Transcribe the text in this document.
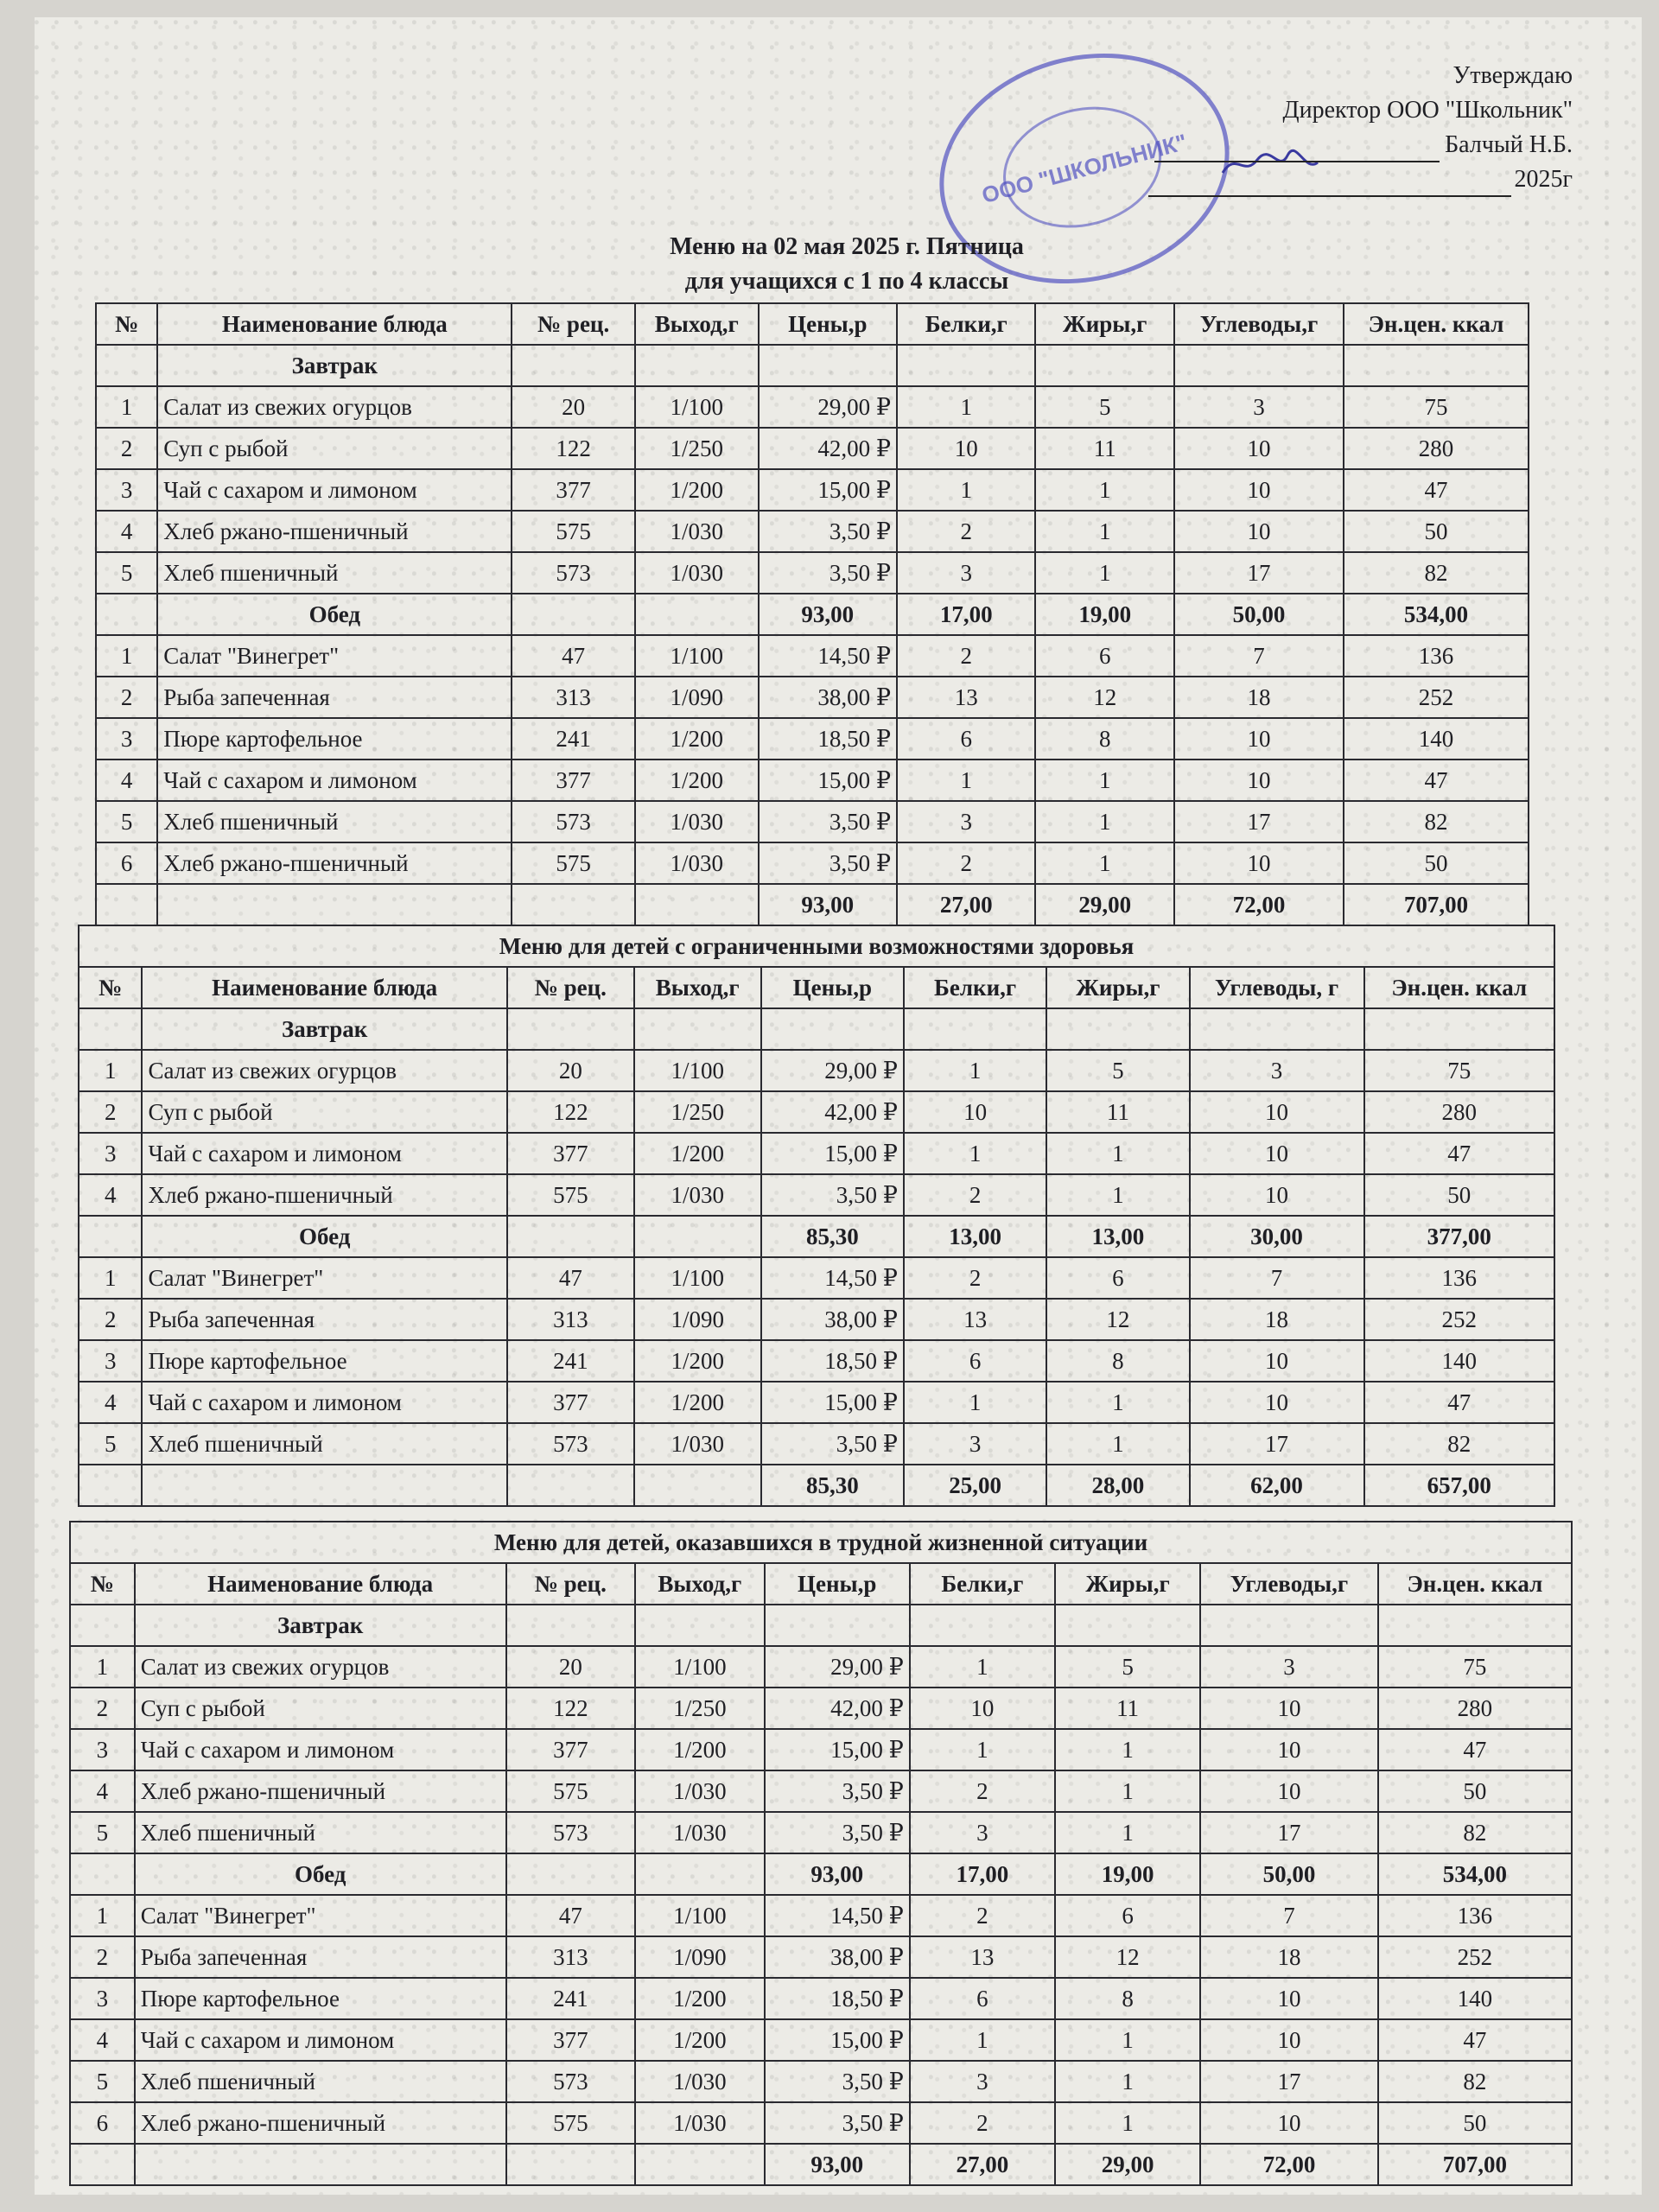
ООО "ШКОЛЬНИК"
Утверждаю
Директор ООО "Школьник"
Балчый Н.Б.
2025г
Меню на 02 мая 2025 г. Пятница
для учащихся с 1 по 4 классы
№	Наименование блюда	№ рец.	Выход,г	Цены,р	Белки,г	Жиры,г	Углеводы,г	Эн.цен. ккал
	Завтрак							
1	Салат из свежих огурцов	20	1/100	29,00 ₽	1	5	3	75
2	Суп с рыбой	122	1/250	42,00 ₽	10	11	10	280
3	Чай с сахаром и лимоном	377	1/200	15,00 ₽	1	1	10	47
4	Хлеб ржано-пшеничный	575	1/030	3,50 ₽	2	1	10	50
5	Хлеб пшеничный	573	1/030	3,50 ₽	3	1	17	82
	Обед			93,00	17,00	19,00	50,00	534,00
1	Салат "Винегрет"	47	1/100	14,50 ₽	2	6	7	136
2	Рыба запеченная	313	1/090	38,00 ₽	13	12	18	252
3	Пюре картофельное	241	1/200	18,50 ₽	6	8	10	140
4	Чай с сахаром и лимоном	377	1/200	15,00 ₽	1	1	10	47
5	Хлеб пшеничный	573	1/030	3,50 ₽	3	1	17	82
6	Хлеб ржано-пшеничный	575	1/030	3,50 ₽	2	1	10	50
				93,00	27,00	29,00	72,00	707,00
Меню для детей с ограниченными возможностями здоровья								
№	Наименование блюда	№ рец.	Выход,г	Цены,р	Белки,г	Жиры,г	Углеводы, г	Эн.цен. ккал
	Завтрак							
1	Салат из свежих огурцов	20	1/100	29,00 ₽	1	5	3	75
2	Суп с рыбой	122	1/250	42,00 ₽	10	11	10	280
3	Чай с сахаром и лимоном	377	1/200	15,00 ₽	1	1	10	47
4	Хлеб ржано-пшеничный	575	1/030	3,50 ₽	2	1	10	50
	Обед			85,30	13,00	13,00	30,00	377,00
1	Салат "Винегрет"	47	1/100	14,50 ₽	2	6	7	136
2	Рыба запеченная	313	1/090	38,00 ₽	13	12	18	252
3	Пюре картофельное	241	1/200	18,50 ₽	6	8	10	140
4	Чай с сахаром и лимоном	377	1/200	15,00 ₽	1	1	10	47
5	Хлеб пшеничный	573	1/030	3,50 ₽	3	1	17	82
				85,30	25,00	28,00	62,00	657,00
Меню для детей, оказавшихся в трудной жизненной ситуации								
№	Наименование блюда	№ рец.	Выход,г	Цены,р	Белки,г	Жиры,г	Углеводы,г	Эн.цен. ккал
	Завтрак							
1	Салат из свежих огурцов	20	1/100	29,00 ₽	1	5	3	75
2	Суп с рыбой	122	1/250	42,00 ₽	10	11	10	280
3	Чай с сахаром и лимоном	377	1/200	15,00 ₽	1	1	10	47
4	Хлеб ржано-пшеничный	575	1/030	3,50 ₽	2	1	10	50
5	Хлеб пшеничный	573	1/030	3,50 ₽	3	1	17	82
	Обед			93,00	17,00	19,00	50,00	534,00
1	Салат "Винегрет"	47	1/100	14,50 ₽	2	6	7	136
2	Рыба запеченная	313	1/090	38,00 ₽	13	12	18	252
3	Пюре картофельное	241	1/200	18,50 ₽	6	8	10	140
4	Чай с сахаром и лимоном	377	1/200	15,00 ₽	1	1	10	47
5	Хлеб пшеничный	573	1/030	3,50 ₽	3	1	17	82
6	Хлеб ржано-пшеничный	575	1/030	3,50 ₽	2	1	10	50
				93,00	27,00	29,00	72,00	707,00
